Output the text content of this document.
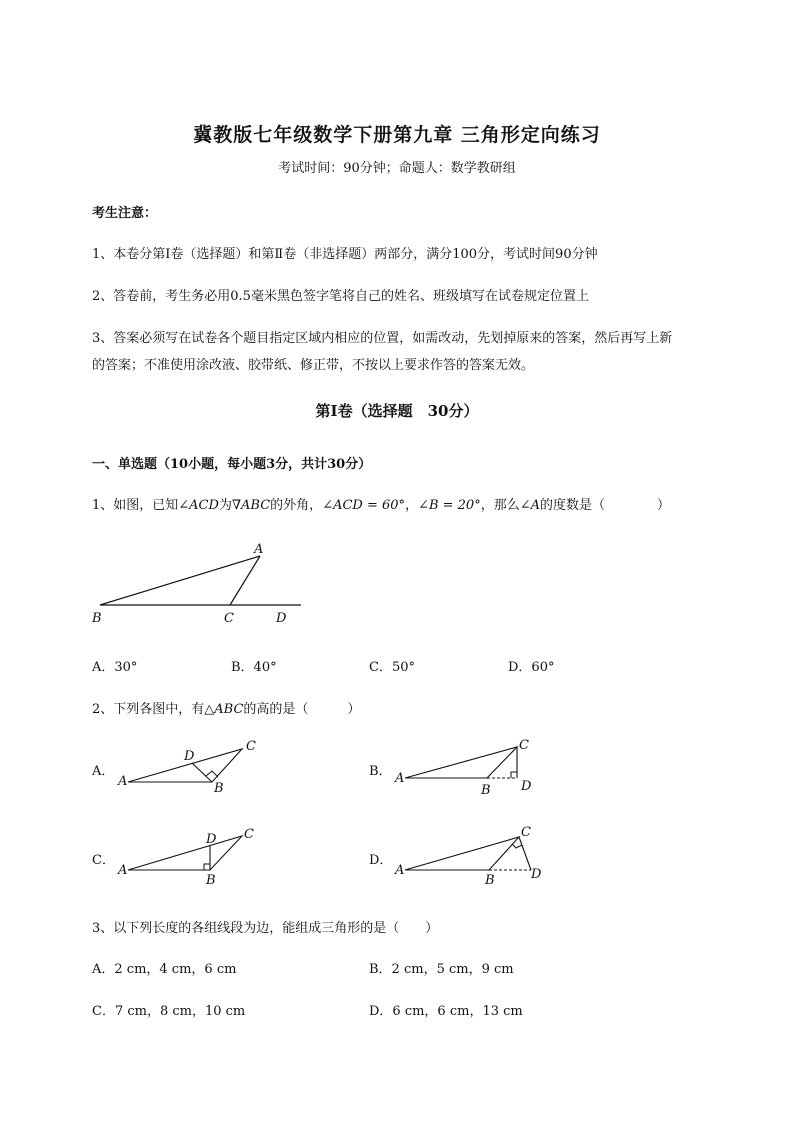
冀教版七年级数学下册第九章 三角形定向练习
考试时间：90分钟；命题人：数学教研组
考生注意：
1、本卷分第I卷（选择题）和第Ⅱ卷（非选择题）两部分，满分100分，考试时间90分钟
2、答卷前，考生务必用0.5毫米黑色签字笔将自己的姓名、班级填写在试卷规定位置上
3、答案必须写在试卷各个题目指定区域内相应的位置，如需改动，先划掉原来的答案，然后再写上新
的答案；不准使用涂改液、胶带纸、修正带，不按以上要求作答的答案无效。
第I卷（选择题　30分）
一、单选题（10小题，每小题3分，共计30分）
1、如图，已知∠ACD为∇ABC的外角，∠ACD = 60°，∠B = 20°，那么∠A的度数是（　　　　）
A
B	C	D
A．30°	B．40°	C．50°	D．60°
2、下列各图中，有△ABC的高的是（　　　）
A．
A	B
C
D
B． A
B
C
D
C．
A
B
C
D
D．
A
B
C
D
3、以下列长度的各组线段为边，能组成三角形的是（　　）
A．2 cm，4 cm，6 cm	B．2 cm，5 cm，9 cm
C．7 cm，8 cm，10 cm	D．6 cm，6 cm，13 cm
